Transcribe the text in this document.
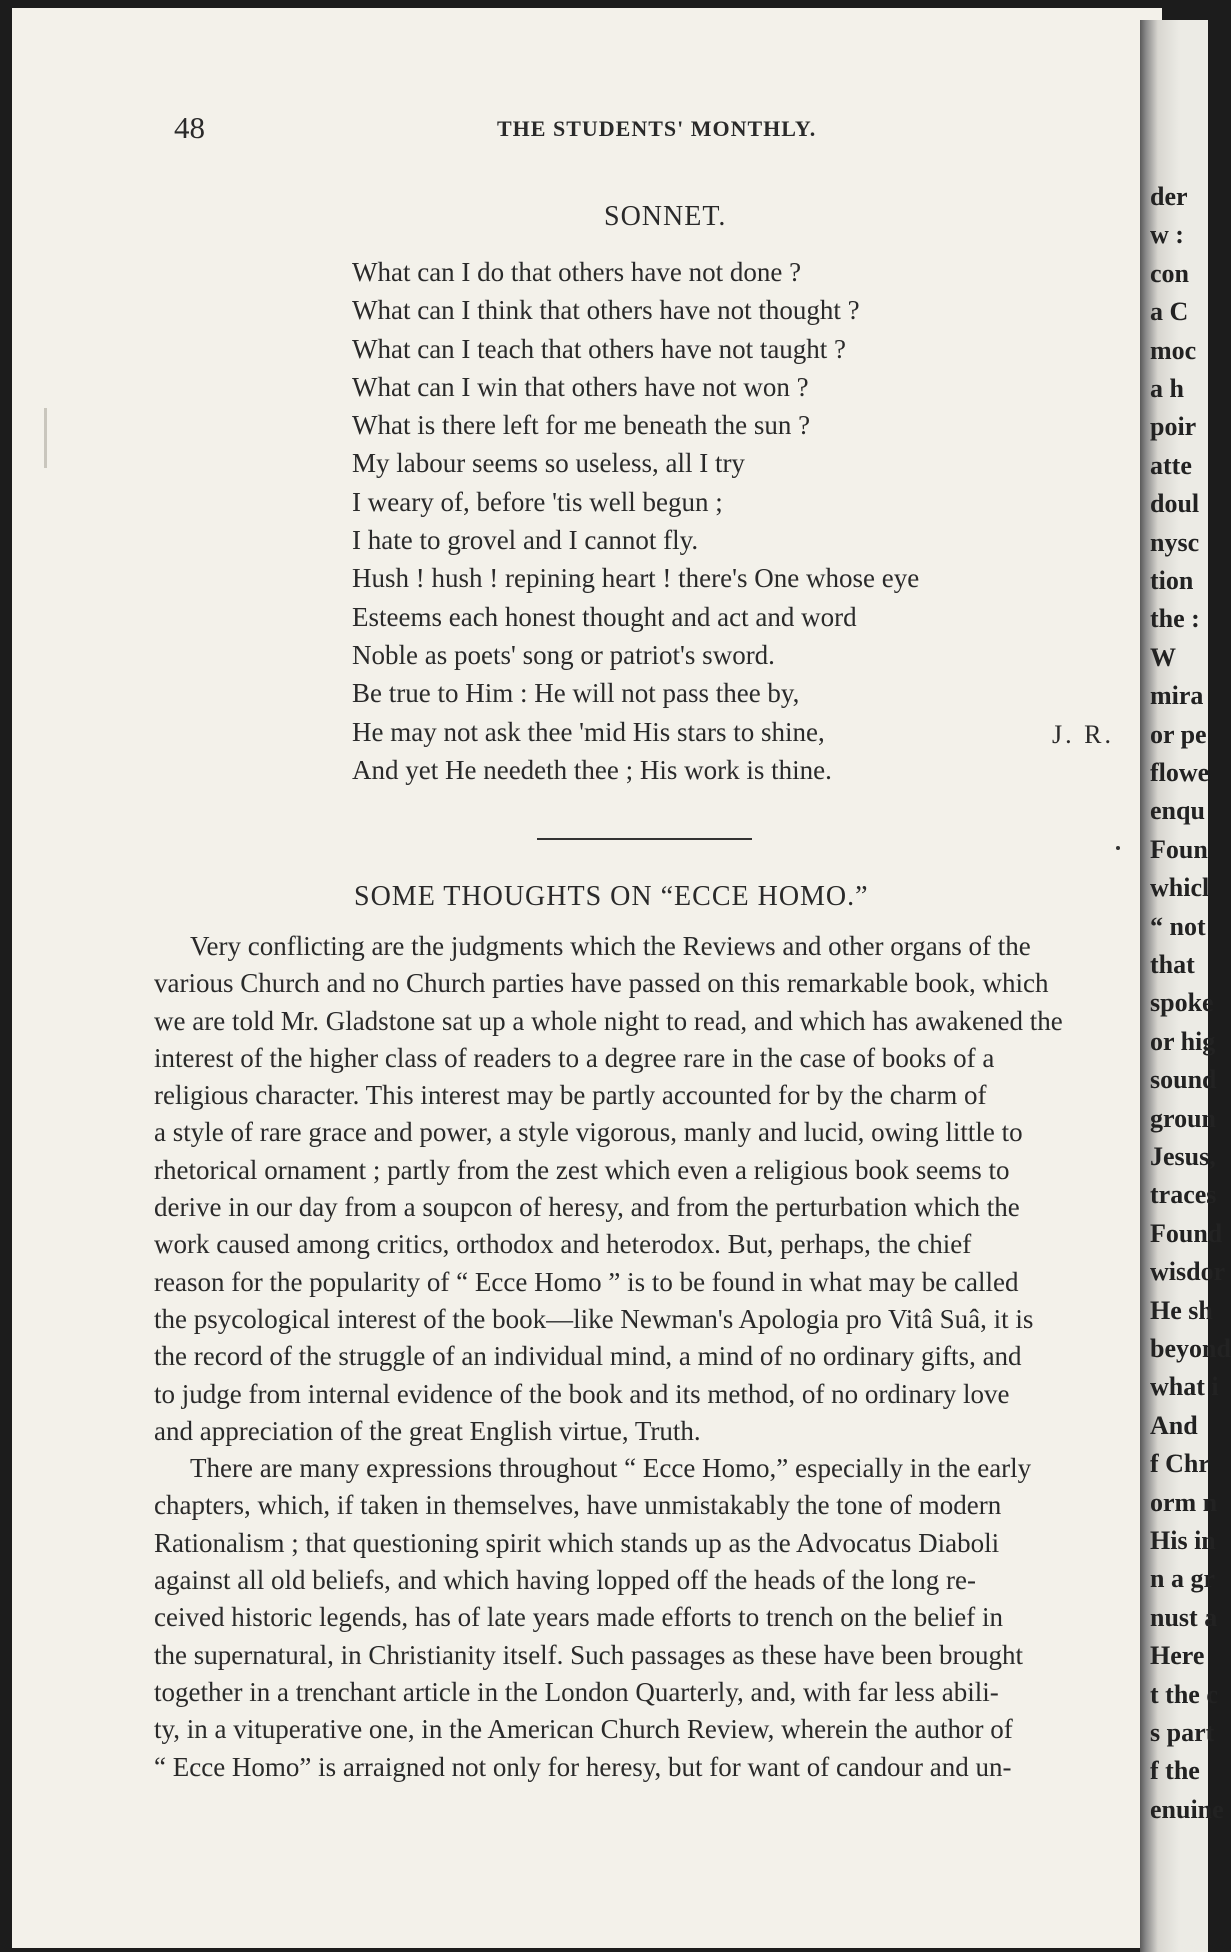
48	THE STUDENTS' MONTHLY.
SONNET.
What can I do that others have not done ?
What can I think that others have not thought ?
What can I teach that others have not taught ?
What can I win that others have not won ?
What is there left for me beneath the sun ?
My labour seems so useless, all I try
I weary of, before 'tis well begun ;
I hate to grovel and I cannot fly.
Hush ! hush ! repining heart ! there's One whose eye
Esteems each honest thought and act and word
Noble as poets' song or patriot's sword.
Be true to Him : He will not pass thee by,
He may not ask thee 'mid His stars to shine,
And yet He needeth thee ; His work is thine.
J. R.
SOME THOUGHTS ON “ECCE HOMO.”
Very conflicting are the judgments which the Reviews and other organs of the
various Church and no Church parties have passed on this remarkable book, which
we are told Mr. Gladstone sat up a whole night to read, and which has awakened the
interest of the higher class of readers to a degree rare in the case of books of a
religious character. This interest may be partly accounted for by the charm of
a style of rare grace and power, a style vigorous, manly and lucid, owing little to
rhetorical ornament ; partly from the zest which even a religious book seems to
derive in our day from a soupcon of heresy, and from the perturbation which the
work caused among critics, orthodox and heterodox. But, perhaps, the chief
reason for the popularity of “ Ecce Homo ” is to be found in what may be called
the psycological interest of the book—like Newman's Apologia pro Vitâ Suâ, it is
the record of the struggle of an individual mind, a mind of no ordinary gifts, and
to judge from internal evidence of the book and its method, of no ordinary love
and appreciation of the great English virtue, Truth.
There are many expressions throughout “ Ecce Homo,” especially in the early
chapters, which, if taken in themselves, have unmistakably the tone of modern
Rationalism ; that questioning spirit which stands up as the Advocatus Diaboli
against all old beliefs, and which having lopped off the heads of the long re-
ceived historic legends, has of late years made efforts to trench on the belief in
the supernatural, in Christianity itself. Such passages as these have been brought
together in a trenchant article in the London Quarterly, and, with far less abili-
ty, in a vituperative one, in the American Church Review, wherein the author of
“ Ecce Homo” is arraigned not only for heresy, but for want of candour and un-
der
w :
con
a C
moc
a h
poir
atte
doul
nysc
tion
the :
W
mira
or pe
flowe
enqu
Foun
whicl
“ not
that
spoke
or hig
sound
groun
Jesus,
traces
Found
wisdor
He sh
beyond
what i
And
f Chr
orm n
His in
n a gr
nust a
Here
t the c
s part
f the
enuine
